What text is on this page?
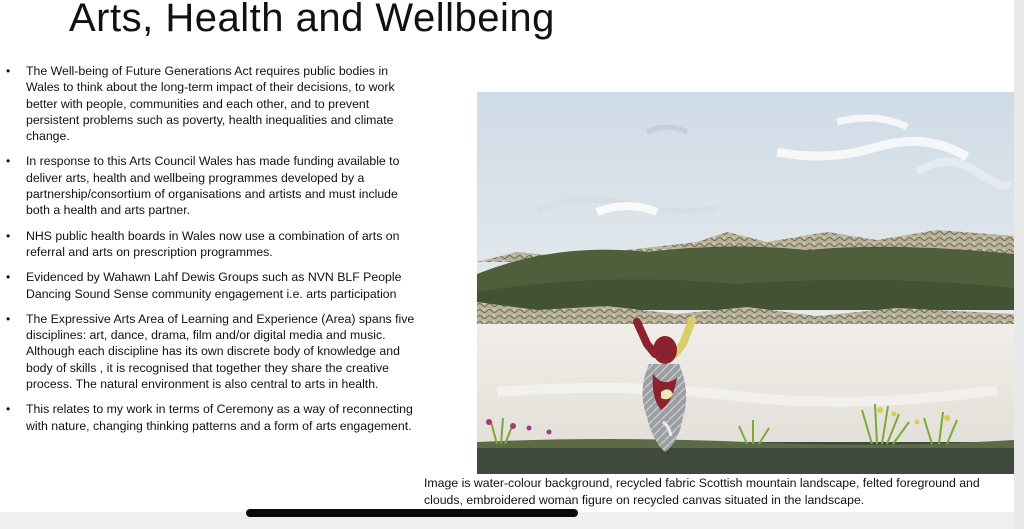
Arts, Health and Wellbeing
• The Well-being of Future Generations Act requires public bodies in Wales to think about the long-term impact of their decisions, to work better with people, communities and each other, and to prevent persistent problems such as poverty, health inequalities and climate change.
• In response to this Arts Council Wales has made funding available to deliver arts, health and wellbeing programmes developed by a partnership/consortium of organisations and artists and must include both a health and arts partner.
• NHS public health boards in Wales now use a combination of arts on referral and arts on prescription programmes.
• Evidenced by Wahawn Lahf Dewis Groups such as NVN BLF People Dancing Sound Sense community engagement i.e. arts participation
• The Expressive Arts Area of Learning and Experience (Area) spans five disciplines: art, dance, drama, film and/or digital media and music. Although each discipline has its own discrete body of knowledge and body of skills , it is recognised that together they share the creative process. The natural environment is also central to arts in health.
• This relates to my work in terms of Ceremony as a way of reconnecting with nature, changing thinking patterns and a form of arts engagement.

Image is water-colour background, recycled fabric Scottish mountain landscape, felted foreground and clouds, embroidered woman figure on recycled canvas situated in the landscape.
